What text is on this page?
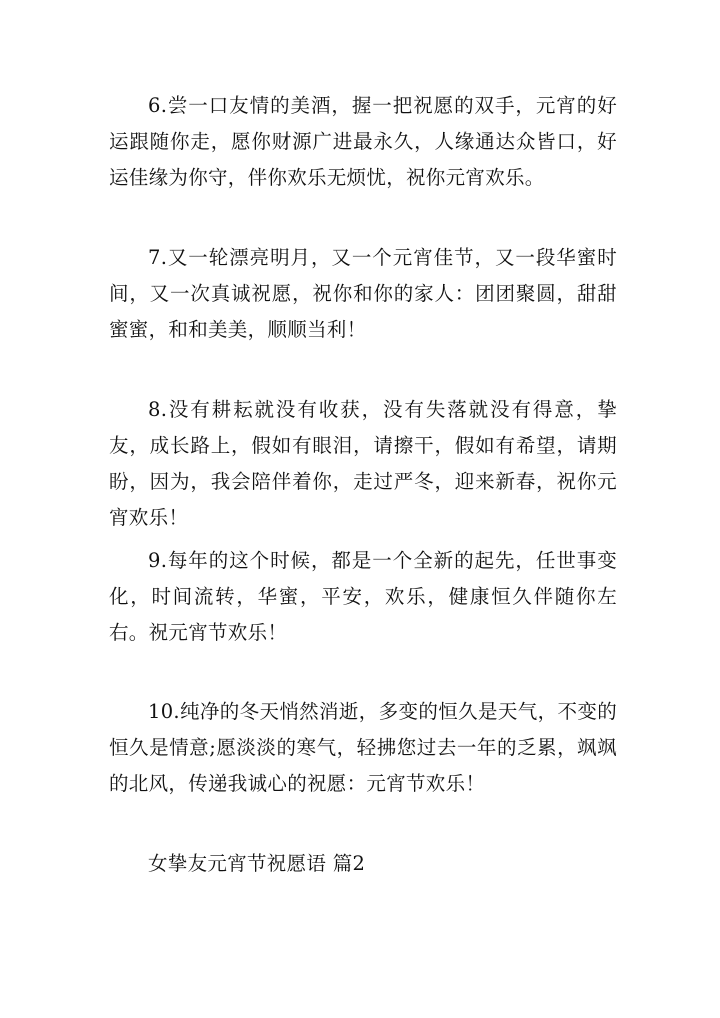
6.尝一口友情的美酒，握一把祝愿的双手，元宵的好运跟随你走，愿你财源广进最永久，人缘通达众皆口，好运佳缘为你守，伴你欢乐无烦忧，祝你元宵欢乐。

7.又一轮漂亮明月，又一个元宵佳节，又一段华蜜时间，又一次真诚祝愿，祝你和你的家人：团团聚圆，甜甜蜜蜜，和和美美，顺顺当利！

8.没有耕耘就没有收获，没有失落就没有得意，挚友，成长路上，假如有眼泪，请擦干，假如有希望，请期盼，因为，我会陪伴着你，走过严冬，迎来新春，祝你元宵欢乐！

9.每年的这个时候，都是一个全新的起先，任世事变化，时间流转，华蜜，平安，欢乐，健康恒久伴随你左右。祝元宵节欢乐！

10.纯净的冬天悄然消逝，多变的恒久是天气，不变的恒久是情意;愿淡淡的寒气，轻拂您过去一年的乏累，飒飒的北风，传递我诚心的祝愿：元宵节欢乐！

女挚友元宵节祝愿语 篇2
